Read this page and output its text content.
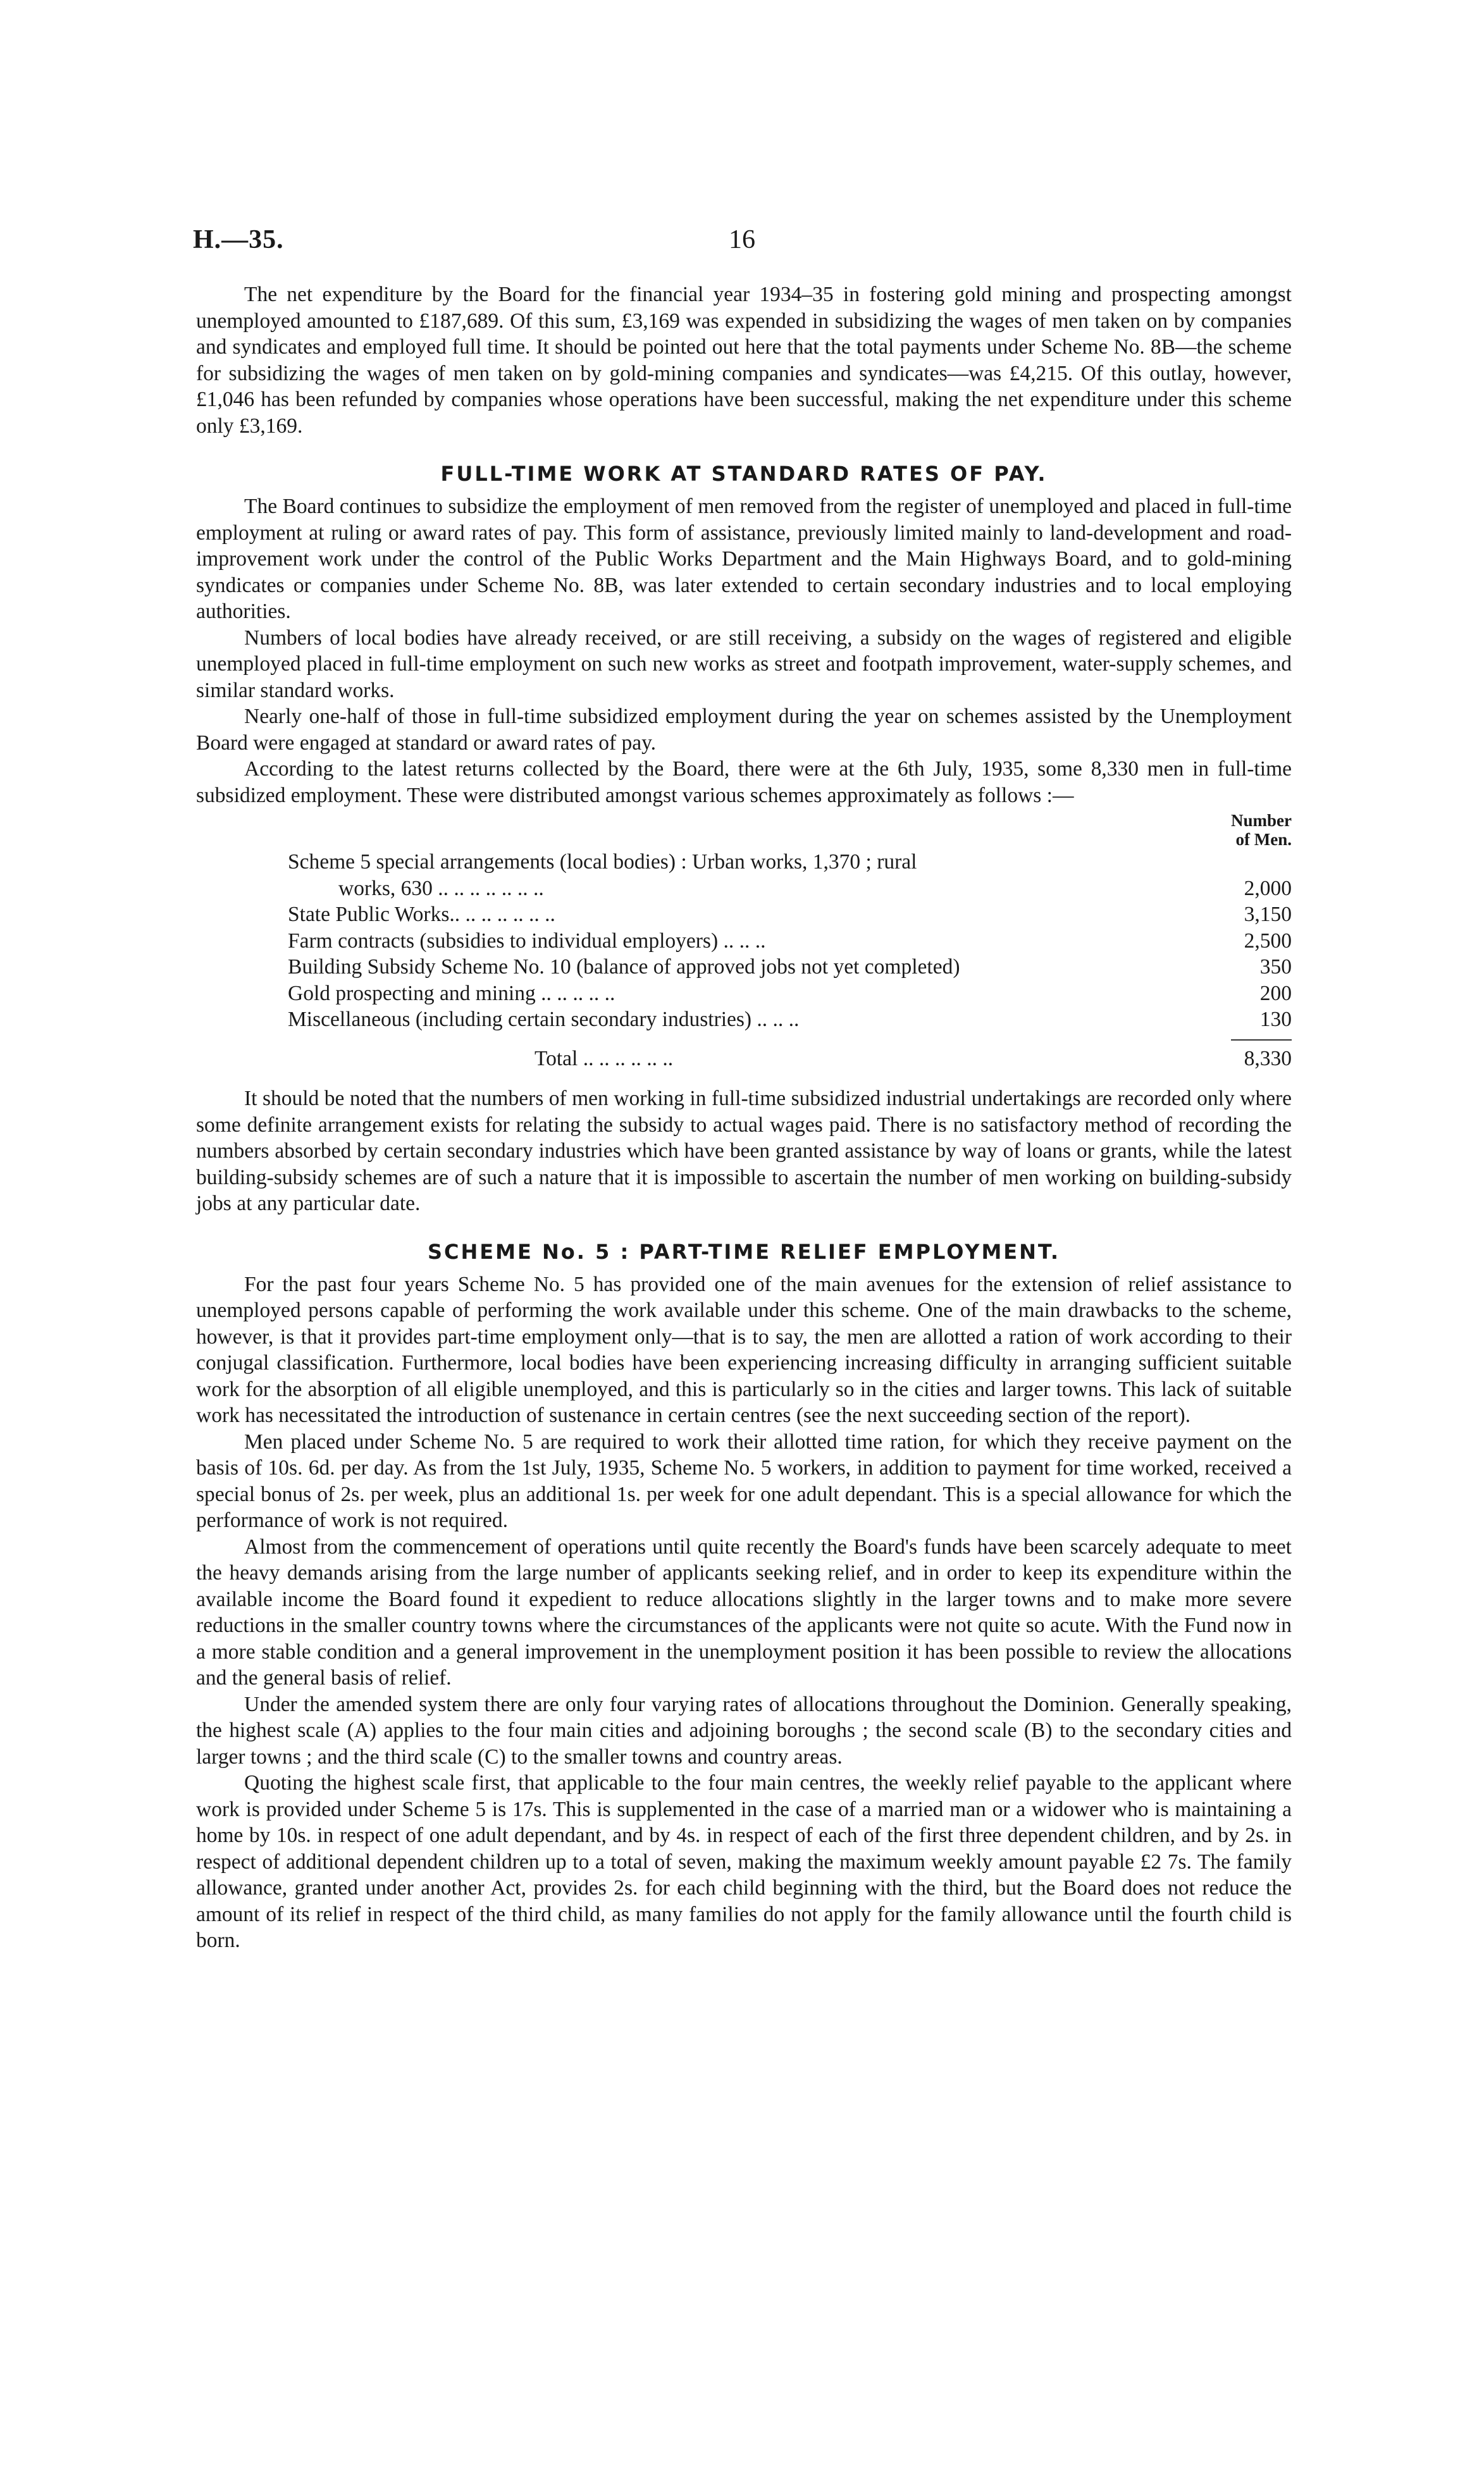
H.—35.	16

The net expenditure by the Board for the financial year 1934–35 in fostering gold mining and prospecting amongst unemployed amounted to £187,689. Of this sum, £3,169 was expended in subsidizing the wages of men taken on by companies and syndicates and employed full time. It should be pointed out here that the total payments under Scheme No. 8B—the scheme for subsidizing the wages of men taken on by gold-mining companies and syndicates—was £4,215. Of this outlay, however, £1,046 has been refunded by companies whose operations have been successful, making the net expenditure under this scheme only £3,169.

FULL-TIME WORK AT STANDARD RATES OF PAY.

The Board continues to subsidize the employment of men removed from the register of unemployed and placed in full-time employment at ruling or award rates of pay. This form of assistance, previously limited mainly to land-development and road-improvement work under the control of the Public Works Department and the Main Highways Board, and to gold-mining syndicates or companies under Scheme No. 8B, was later extended to certain secondary industries and to local employing authorities.

Numbers of local bodies have already received, or are still receiving, a subsidy on the wages of registered and eligible unemployed placed in full-time employment on such new works as street and footpath improvement, water-supply schemes, and similar standard works.

Nearly one-half of those in full-time subsidized employment during the year on schemes assisted by the Unemployment Board were engaged at standard or award rates of pay.

According to the latest returns collected by the Board, there were at the 6th July, 1935, some 8,330 men in full-time subsidized employment. These were distributed amongst various schemes approximately as follows :—

Number
of Men.
Scheme 5 special arrangements (local bodies) : Urban works, 1,370 ; rural
works, 630 .. .. .. .. .. .. ..	2,000
State Public Works.. .. .. .. .. .. ..	3,150
Farm contracts (subsidies to individual employers) .. .. ..	2,500
Building Subsidy Scheme No. 10 (balance of approved jobs not yet completed)	350
Gold prospecting and mining .. .. .. .. ..	200
Miscellaneous (including certain secondary industries) .. .. ..	130
Total .. .. .. .. .. ..	8,330

It should be noted that the numbers of men working in full-time subsidized industrial undertakings are recorded only where some definite arrangement exists for relating the subsidy to actual wages paid. There is no satisfactory method of recording the numbers absorbed by certain secondary industries which have been granted assistance by way of loans or grants, while the latest building-subsidy schemes are of such a nature that it is impossible to ascertain the number of men working on building-subsidy jobs at any particular date.

SCHEME No. 5 : PART-TIME RELIEF EMPLOYMENT.

For the past four years Scheme No. 5 has provided one of the main avenues for the extension of relief assistance to unemployed persons capable of performing the work available under this scheme. One of the main drawbacks to the scheme, however, is that it provides part-time employment only—that is to say, the men are allotted a ration of work according to their conjugal classification. Furthermore, local bodies have been experiencing increasing difficulty in arranging sufficient suitable work for the absorption of all eligible unemployed, and this is particularly so in the cities and larger towns. This lack of suitable work has necessitated the introduction of sustenance in certain centres (see the next succeeding section of the report).

Men placed under Scheme No. 5 are required to work their allotted time ration, for which they receive payment on the basis of 10s. 6d. per day. As from the 1st July, 1935, Scheme No. 5 workers, in addition to payment for time worked, received a special bonus of 2s. per week, plus an additional 1s. per week for one adult dependant. This is a special allowance for which the performance of work is not required.

Almost from the commencement of operations until quite recently the Board's funds have been scarcely adequate to meet the heavy demands arising from the large number of applicants seeking relief, and in order to keep its expenditure within the available income the Board found it expedient to reduce allocations slightly in the larger towns and to make more severe reductions in the smaller country towns where the circumstances of the applicants were not quite so acute. With the Fund now in a more stable condition and a general improvement in the unemployment position it has been possible to review the allocations and the general basis of relief.

Under the amended system there are only four varying rates of allocations throughout the Dominion. Generally speaking, the highest scale (A) applies to the four main cities and adjoining boroughs ; the second scale (B) to the secondary cities and larger towns ; and the third scale (C) to the smaller towns and country areas.

Quoting the highest scale first, that applicable to the four main centres, the weekly relief payable to the applicant where work is provided under Scheme 5 is 17s. This is supplemented in the case of a married man or a widower who is maintaining a home by 10s. in respect of one adult dependant, and by 4s. in respect of each of the first three dependent children, and by 2s. in respect of additional dependent children up to a total of seven, making the maximum weekly amount payable £2 7s. The family allowance, granted under another Act, provides 2s. for each child beginning with the third, but the Board does not reduce the amount of its relief in respect of the third child, as many families do not apply for the family allowance until the fourth child is born.
